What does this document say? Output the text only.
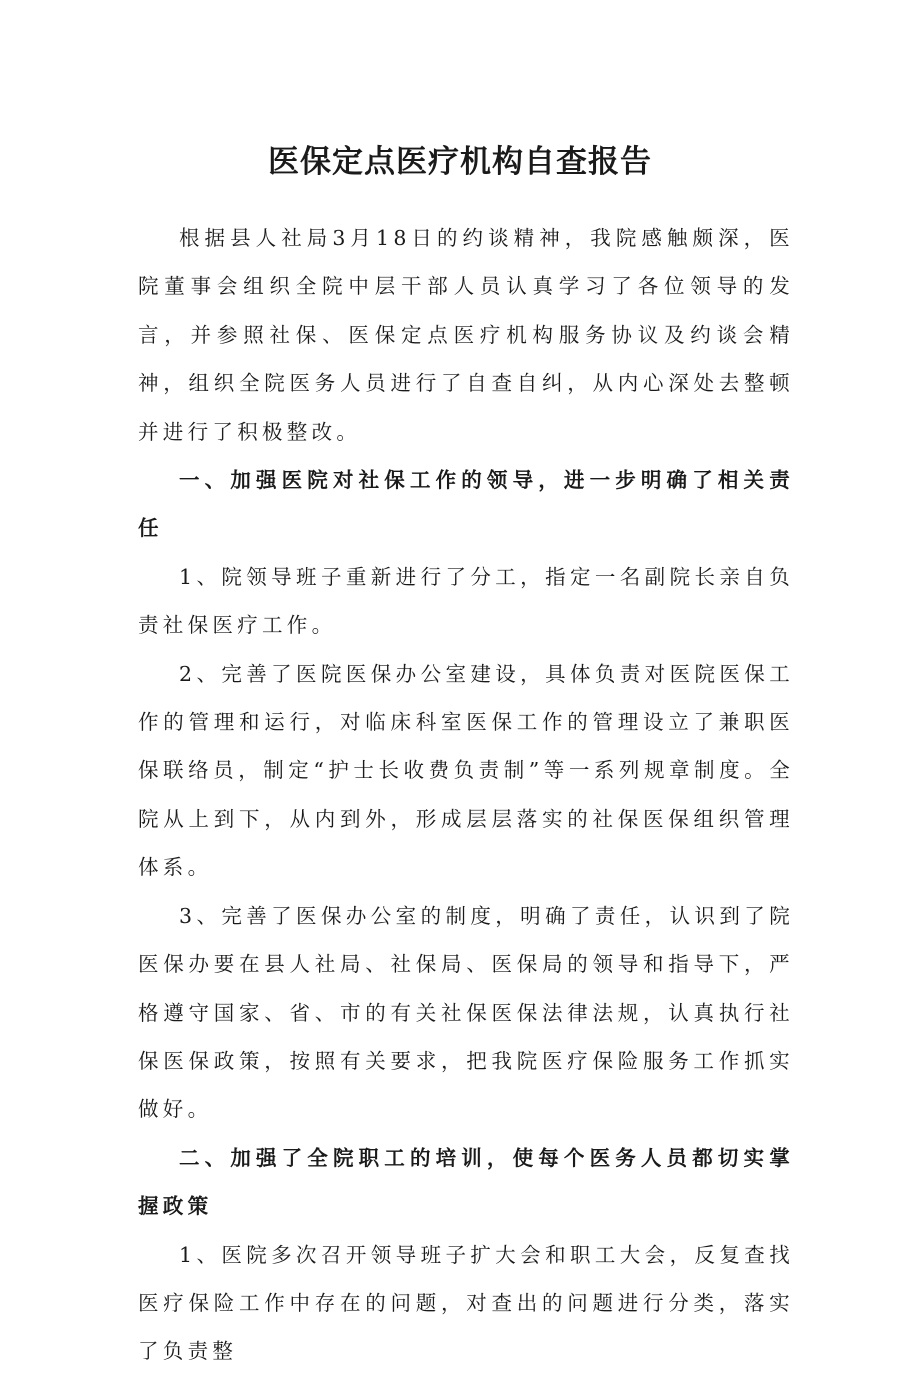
医保定点医疗机构自查报告

根据县人社局3月18日的约谈精神，我院感触颇深，医院董事会组织全院中层干部人员认真学习了各位领导的发言，并参照社保、医保定点医疗机构服务协议及约谈会精神，组织全院医务人员进行了自查自纠，从内心深处去整顿并进行了积极整改。

一、加强医院对社保工作的领导，进一步明确了相关责任

1、院领导班子重新进行了分工，指定一名副院长亲自负责社保医疗工作。

2、完善了医院医保办公室建设，具体负责对医院医保工作的管理和运行，对临床科室医保工作的管理设立了兼职医保联络员，制定“护士长收费负责制”等一系列规章制度。全院从上到下，从内到外，形成层层落实的社保医保组织管理体系。

3、完善了医保办公室的制度，明确了责任，认识到了院医保办要在县人社局、社保局、医保局的领导和指导下，严格遵守国家、省、市的有关社保医保法律法规，认真执行社保医保政策，按照有关要求，把我院医疗保险服务工作抓实做好。

二、加强了全院职工的培训，使每个医务人员都切实掌握政策

1、医院多次召开领导班子扩大会和职工大会，反复查找医疗保险工作中存在的问题，对查出的问题进行分类，落实了负责整
